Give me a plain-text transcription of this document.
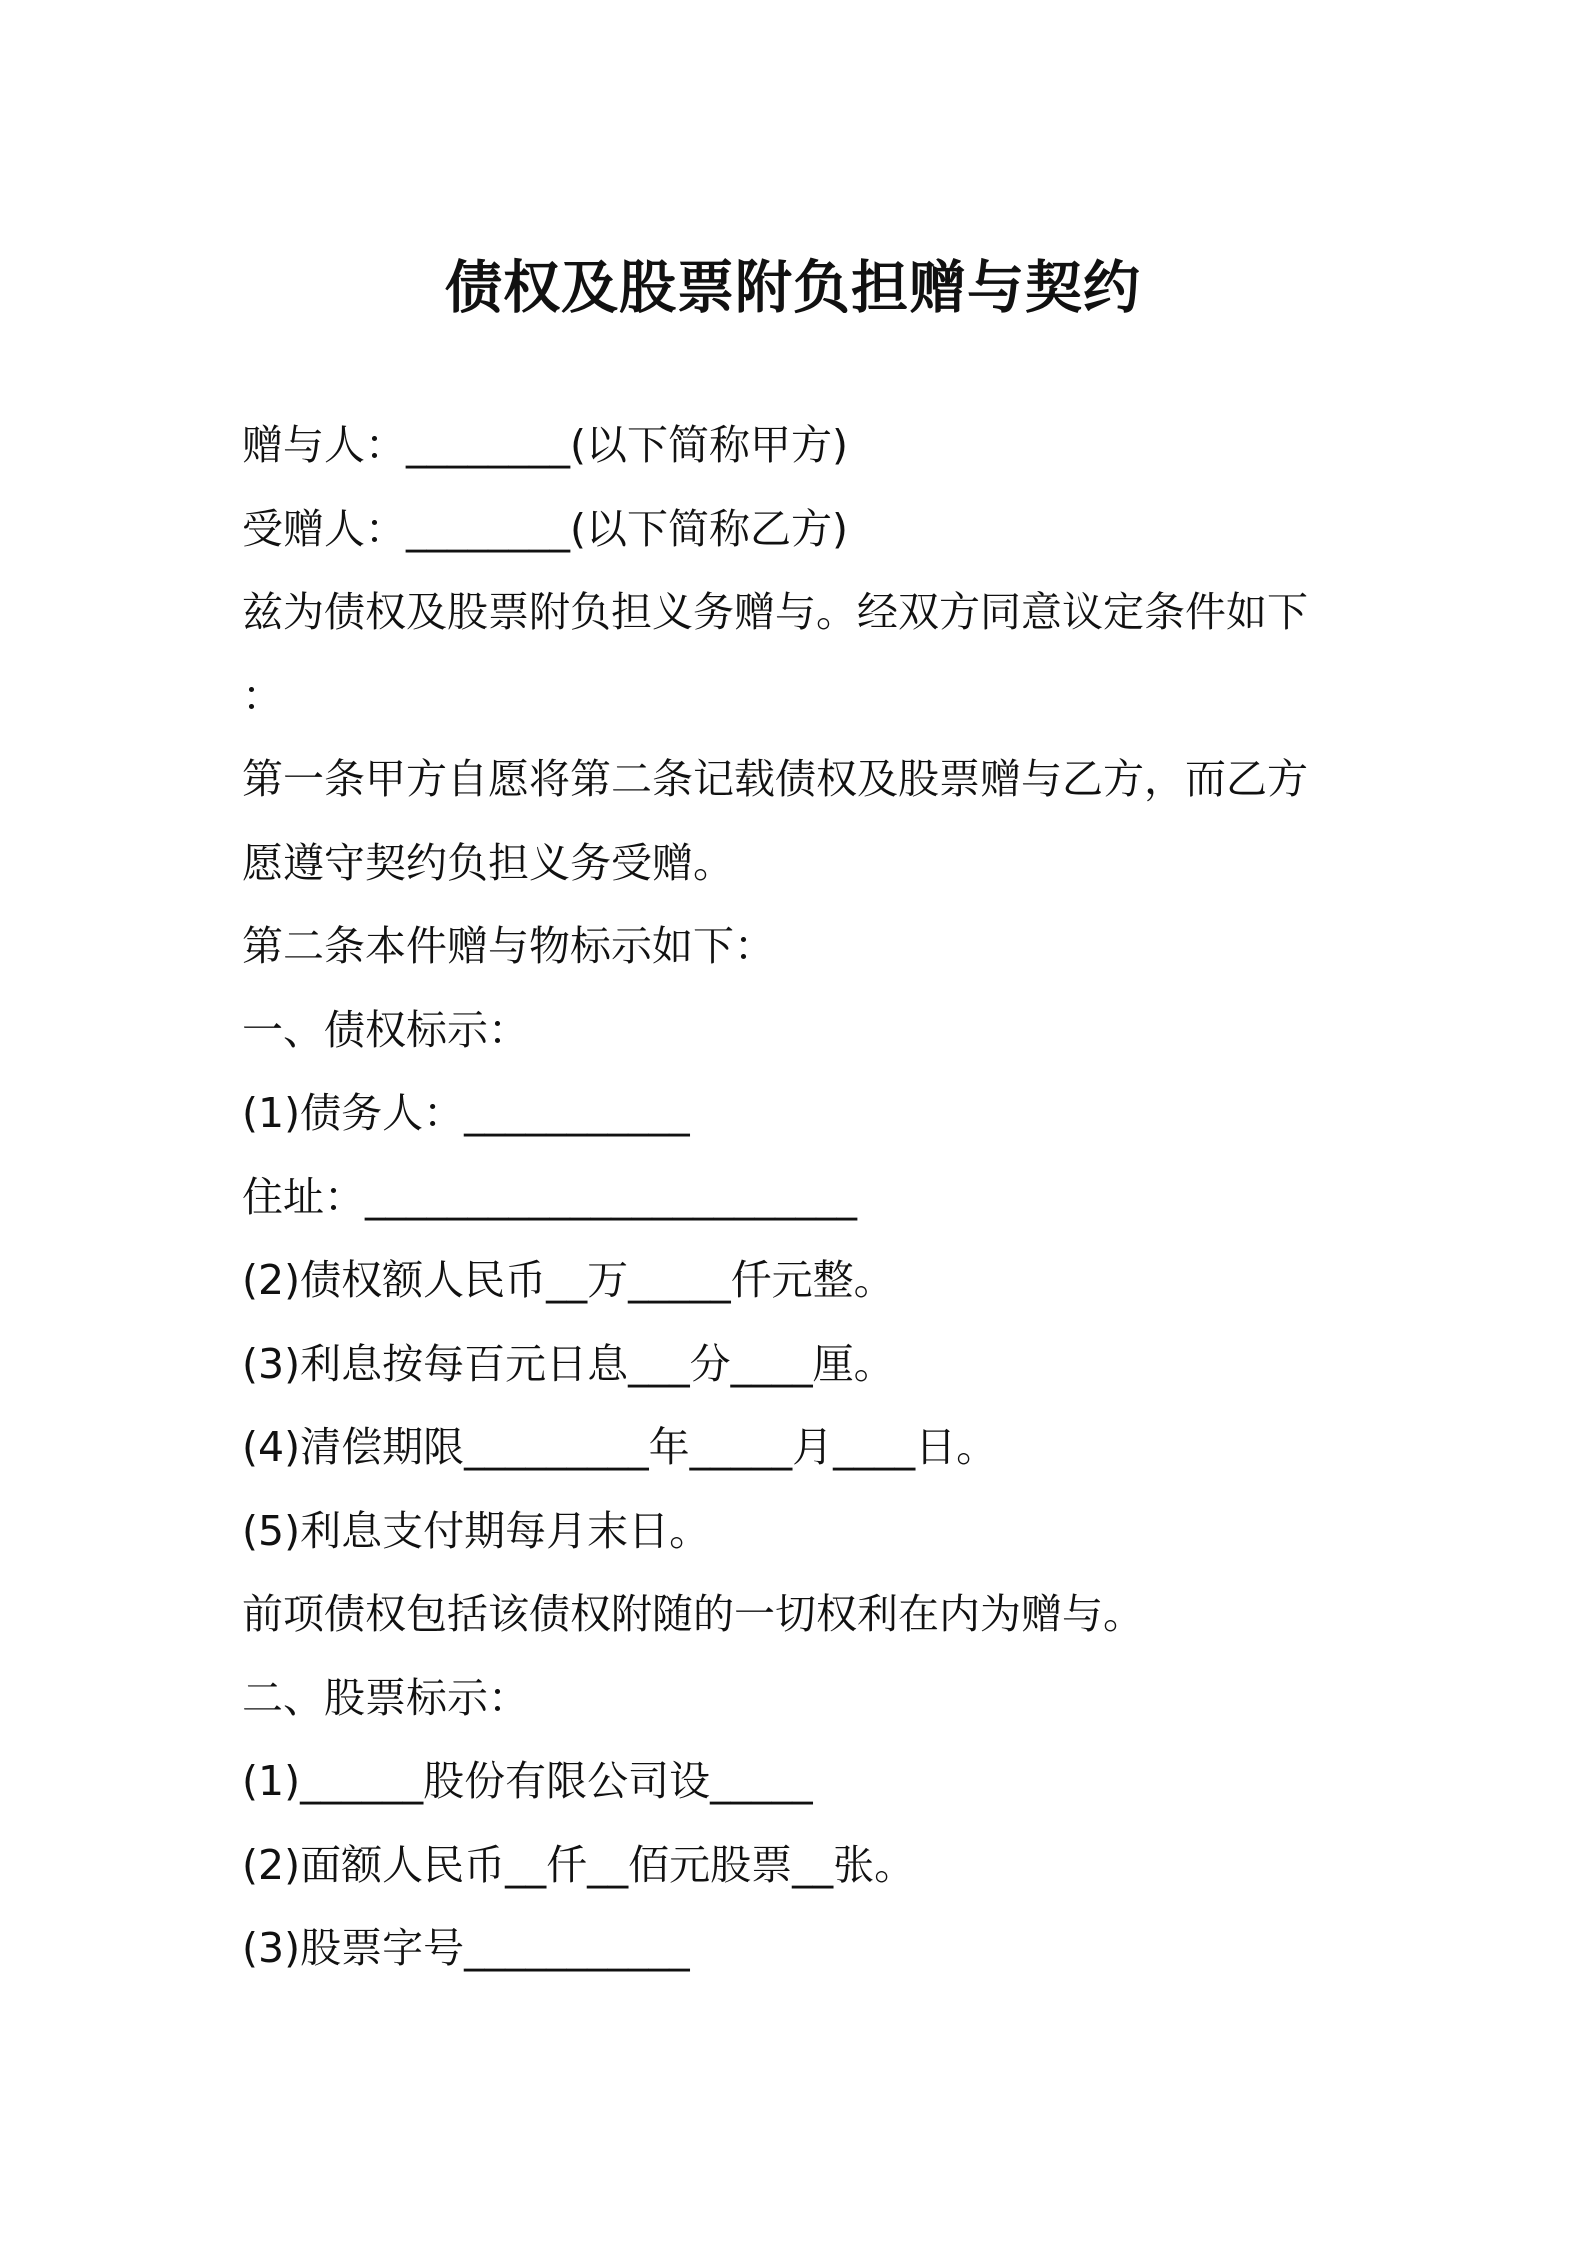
债权及股票附负担赠与契约
赠与人：________(以下简称甲方)
受赠人：________(以下简称乙方)
兹为债权及股票附负担义务赠与。经双方同意议定条件如下
：
第一条甲方自愿将第二条记载债权及股票赠与乙方，而乙方
愿遵守契约负担义务受赠。
第二条本件赠与物标示如下：
一、债权标示：
(1)债务人：___________
住址：________________________
(2)债权额人民币__万_____仟元整。
(3)利息按每百元日息___分____厘。
(4)清偿期限_________年_____月____日。
(5)利息支付期每月末日。
前项债权包括该债权附随的一切权利在内为赠与。
二、股票标示：
(1)______股份有限公司设_____
(2)面额人民币__仟__佰元股票__张。
(3)股票字号___________
